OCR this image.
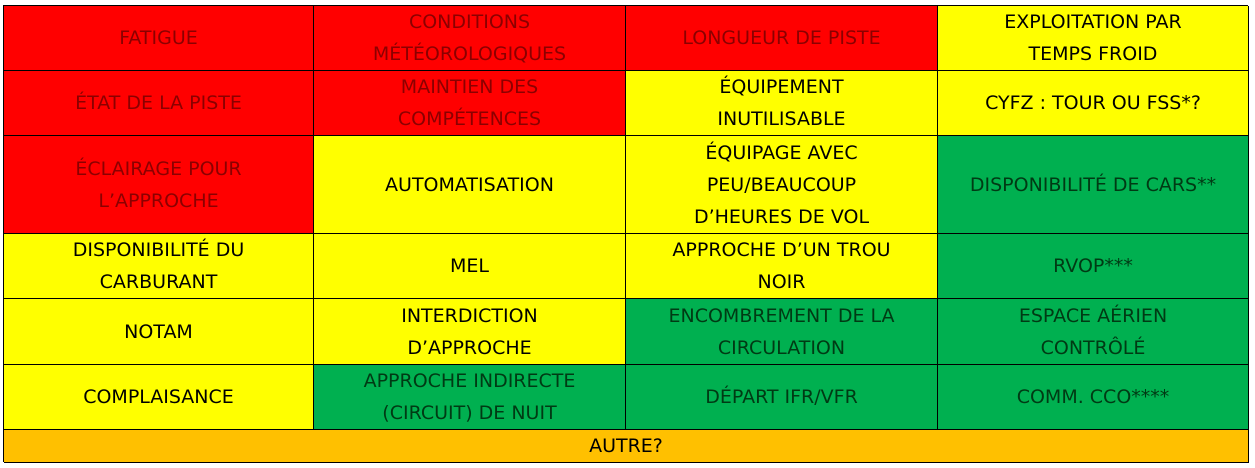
FATIGUE
CONDITIONS
MÉTÉOROLOGIQUES
LONGUEUR DE PISTE
EXPLOITATION PAR
TEMPS FROID
ÉTAT DE LA PISTE
MAINTIEN DES
COMPÉTENCES
ÉQUIPEMENT
INUTILISABLE
CYFZ : TOUR OU FSS*?
ÉCLAIRAGE POUR
L’APPROCHE
AUTOMATISATION
ÉQUIPAGE AVEC
PEU/BEAUCOUP
D’HEURES DE VOL
DISPONIBILITÉ DE CARS**
DISPONIBILITÉ DU
CARBURANT
MEL
APPROCHE D’UN TROU
NOIR
RVOP***
NOTAM
INTERDICTION
D’APPROCHE
ENCOMBREMENT DE LA
CIRCULATION
ESPACE AÉRIEN
CONTRÔLÉ
COMPLAISANCE
APPROCHE INDIRECTE
(CIRCUIT) DE NUIT
DÉPART IFR/VFR	COMM. CCO****
AUTRE?
